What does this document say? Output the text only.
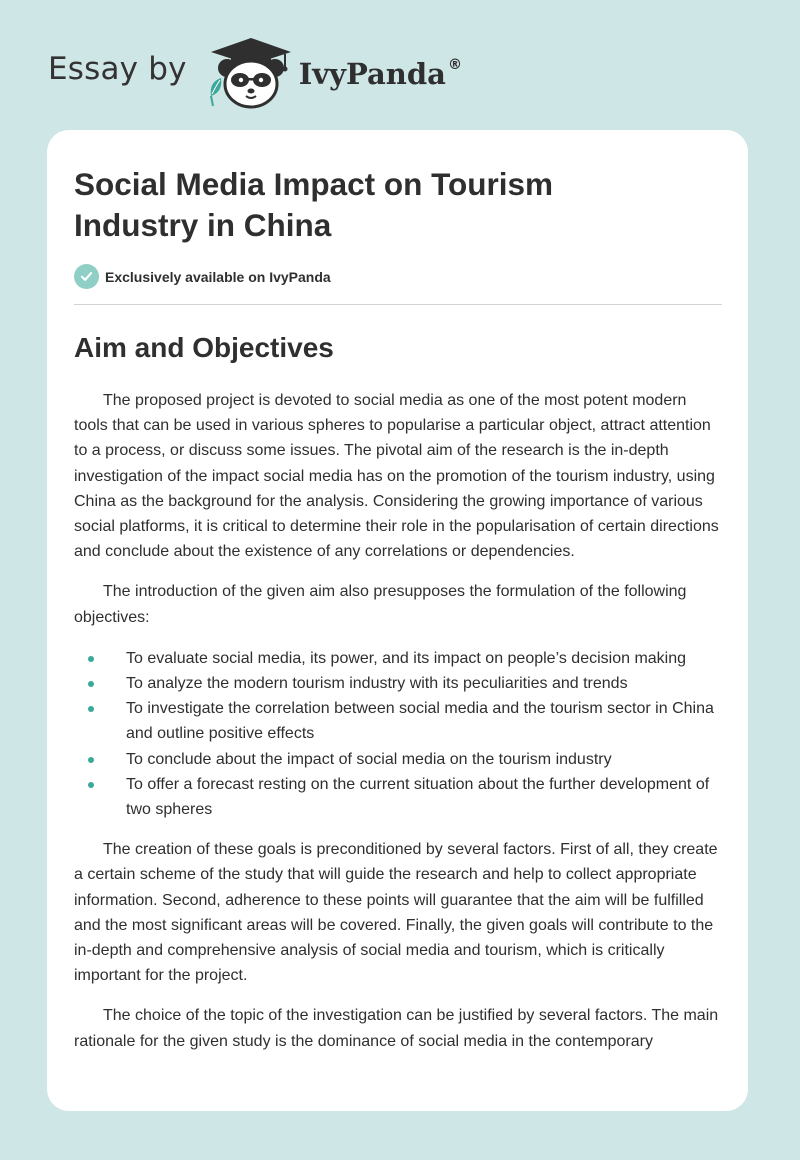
Essay by	IvyPanda ®
Social Media Impact on Tourism Industry in China
Exclusively available on IvyPanda
Aim and Objectives

The proposed project is devoted to social media as one of the most potent modern tools that can be used in various spheres to popularise a particular object, attract attention to a process, or discuss some issues. The pivotal aim of the research is the in-depth investigation of the impact social media has on the promotion of the tourism industry, using China as the background for the analysis. Considering the growing importance of various social platforms, it is critical to determine their role in the popularisation of certain directions and conclude about the existence of any correlations or dependencies.

The introduction of the given aim also presupposes the formulation of the following objectives:

To evaluate social media, its power, and its impact on people’s decision making
To analyze the modern tourism industry with its peculiarities and trends
To investigate the correlation between social media and the tourism sector in China and outline positive effects
To conclude about the impact of social media on the tourism industry
To offer a forecast resting on the current situation about the further development of two spheres

The creation of these goals is preconditioned by several factors. First of all, they create a certain scheme of the study that will guide the research and help to collect appropriate information. Second, adherence to these points will guarantee that the aim will be fulfilled and the most significant areas will be covered. Finally, the given goals will contribute to the in-depth and comprehensive analysis of social media and tourism, which is critically important for the project.

The choice of the topic of the investigation can be justified by several factors. The main rationale for the given study is the dominance of social media in the contemporary
